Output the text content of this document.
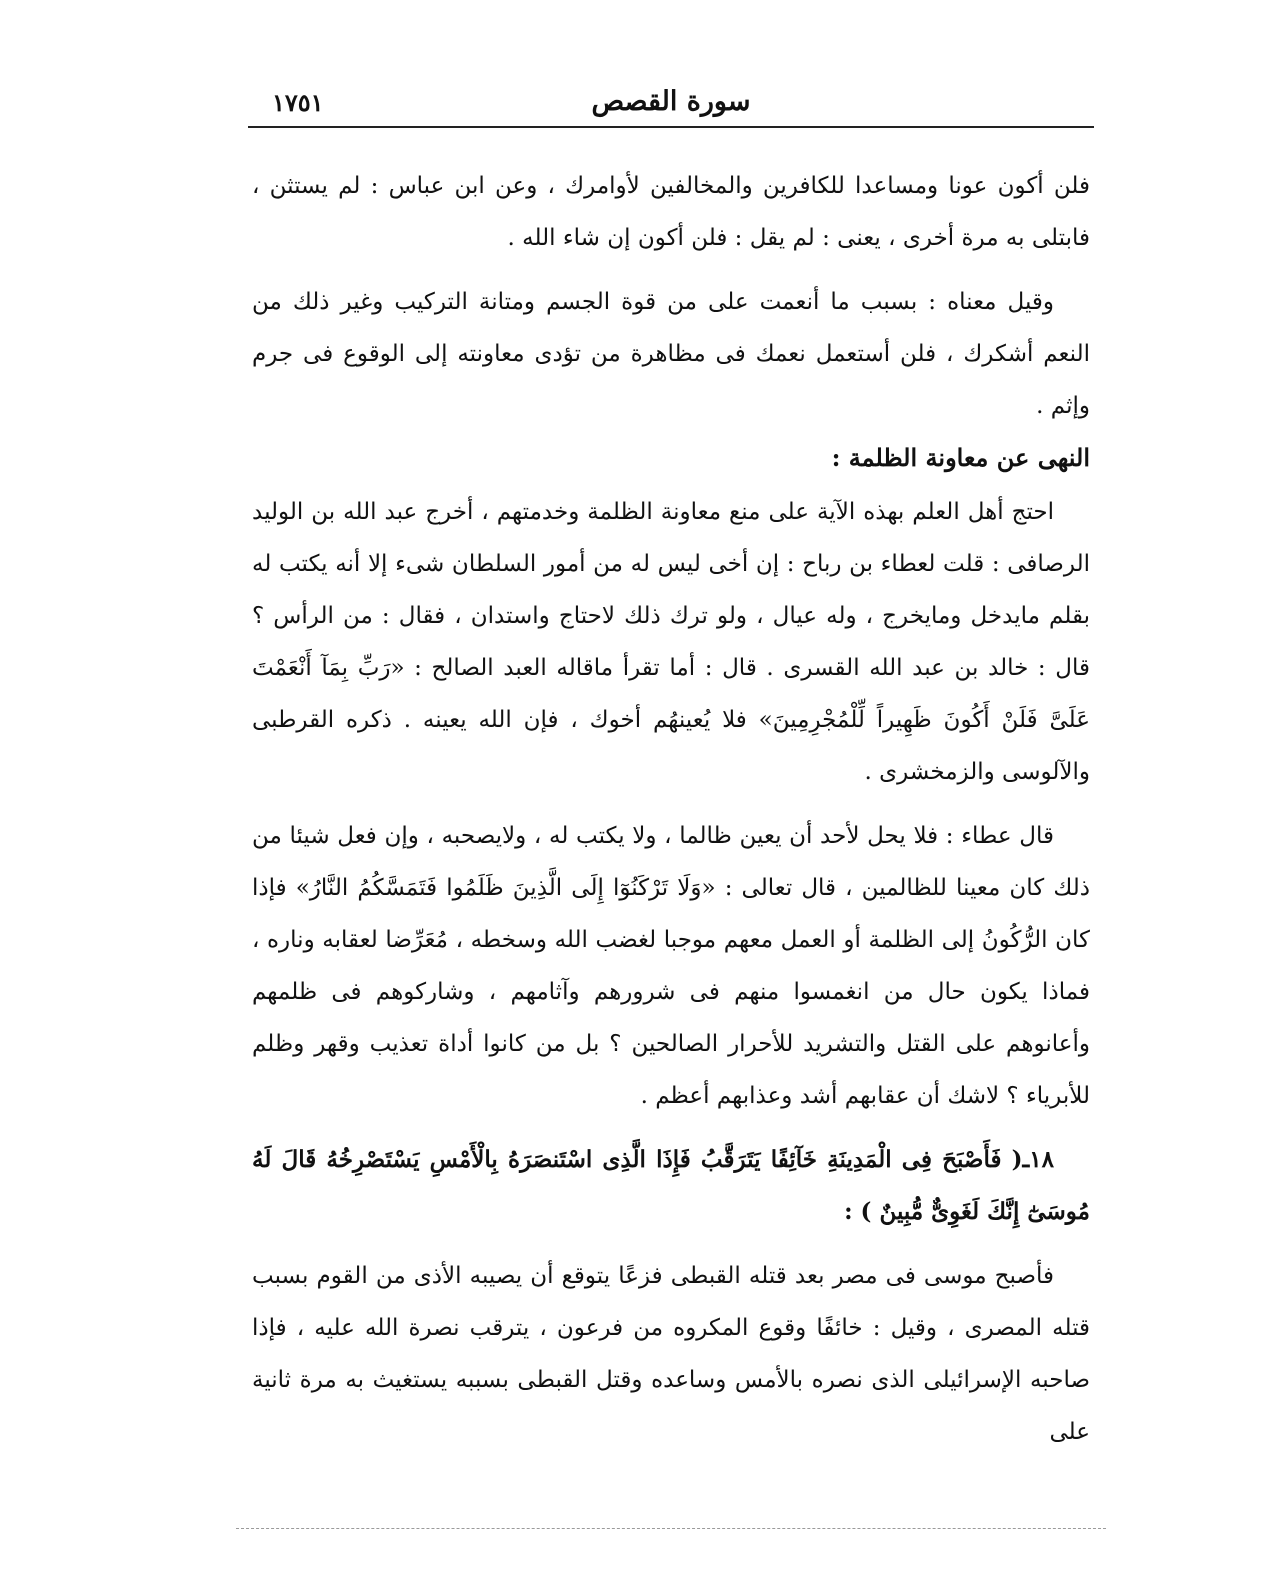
١٧٥١	سورة القصص

فلن أكون عونا ومساعدا للكافرين والمخالفين لأوامرك ، وعن ابن عباس : لم يستثن ، فابتلى به مرة أخرى ، يعنى : لم يقل : فلن أكون إن شاء الله .

وقيل معناه : بسبب ما أنعمت على من قوة الجسم ومتانة التركيب وغير ذلك من النعم أشكرك ، فلن أستعمل نعمك فى مظاهرة من تؤدى معاونته إلى الوقوع فى جرم وإثم .

النهى عن معاونة الظلمة :

احتج أهل العلم بهذه الآية على منع معاونة الظلمة وخدمتهم ، أخرج عبد الله بن الوليد الرصافى : قلت لعطاء بن رباح : إن أخى ليس له من أمور السلطان شىء إلا أنه يكتب له بقلم مايدخل ومايخرج ، وله عيال ، ولو ترك ذلك لاحتاج واستدان ، فقال : من الرأس ؟ قال : خالد بن عبد الله القسرى . قال : أما تقرأ ماقاله العبد الصالح : «رَبِّ بِمَآ أَنْعَمْتَ عَلَىَّ فَلَنْ أَكُونَ ظَهِيراً لِّلْمُجْرِمِينَ» فلا يُعينهُم أخوك ، فإن الله يعينه . ذكره القرطبى والآلوسى والزمخشرى .

قال عطاء : فلا يحل لأحد أن يعين ظالما ، ولا يكتب له ، ولايصحبه ، وإن فعل شيئا من ذلك كان معينا للظالمين ، قال تعالى : «وَلَا تَرْكَنُوٓا إِلَى الَّذِينَ ظَلَمُوا فَتَمَسَّكُمُ النَّارُ» فإذا كان الرُّكُونُ إلى الظلمة أو العمل معهم موجبا لغضب الله وسخطه ، مُعَرِّضا لعقابه وناره ، فماذا يكون حال من انغمسوا منهم فى شرورهم وآثامهم ، وشاركوهم فى ظلمهم وأعانوهم على القتل والتشريد للأحرار الصالحين ؟ بل من كانوا أداة تعذيب وقهر وظلم للأبرياء ؟ لاشك أن عقابهم أشد وعذابهم أعظم .

١٨ـ( فَأَصْبَحَ فِى الْمَدِينَةِ خَآئِفًا يَتَرَقَّبُ فَإِذَا الَّذِى اسْتَنصَرَهُ بِالْأَمْسِ يَسْتَصْرِخُهُ قَالَ لَهُ مُوسَىٰٓ إِنَّكَ لَغَوِىٌّ مُّبِينٌ ) :

فأصبح موسى فى مصر بعد قتله القبطى فزعًا يتوقع أن يصيبه الأذى من القوم بسبب قتله المصرى ، وقيل : خائفًا وقوع المكروه من فرعون ، يترقب نصرة الله عليه ، فإذا صاحبه الإسرائيلى الذى نصره بالأمس وساعده وقتل القبطى بسببه يستغيث به مرة ثانية على
